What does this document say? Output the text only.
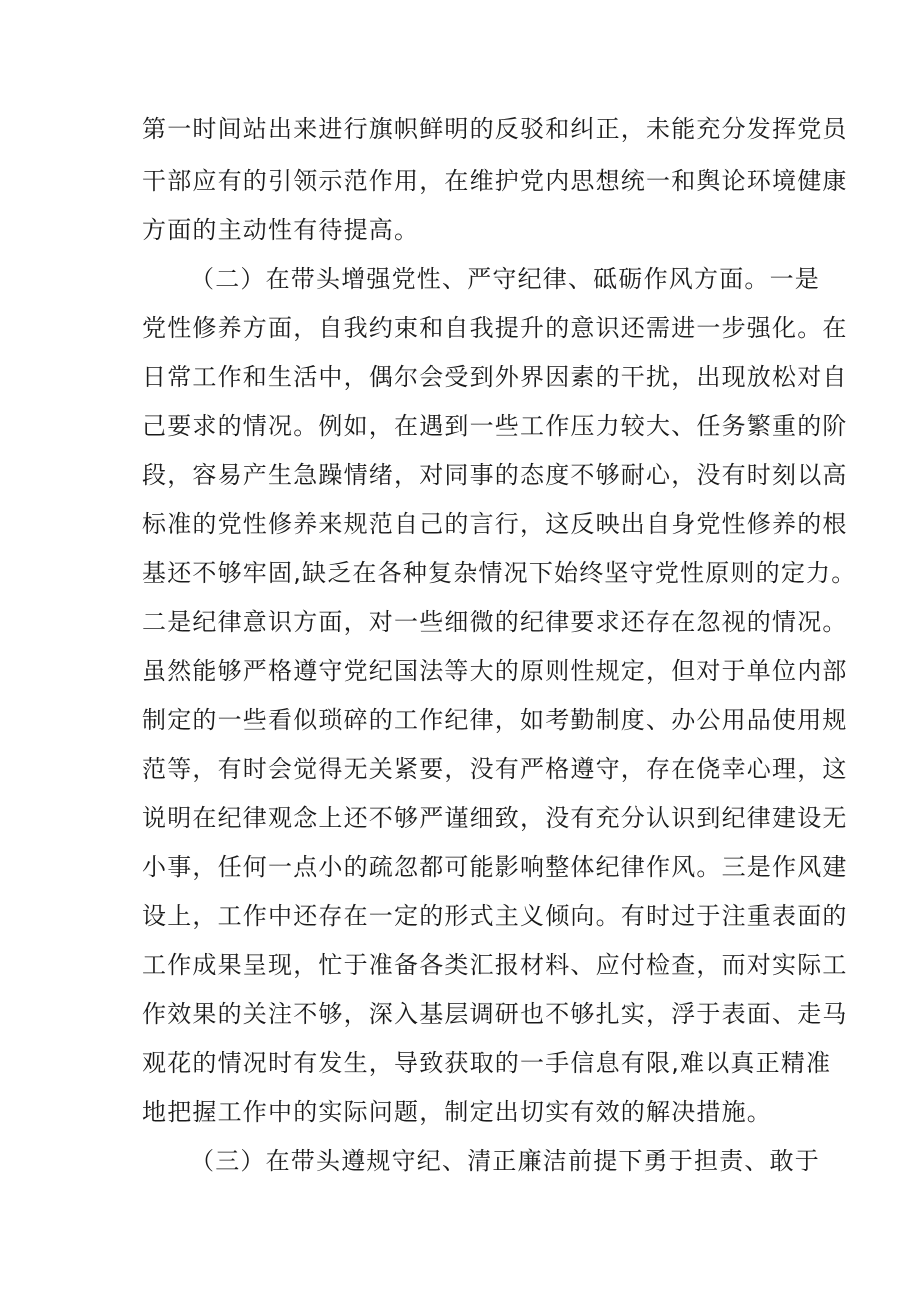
第一时间站出来进行旗帜鲜明的反驳和纠正，未能充分发挥党员
干部应有的引领示范作用，在维护党内思想统一和舆论环境健康
方面的主动性有待提高。
（二）在带头增强党性、严守纪律、砥砺作风方面。一是
党性修养方面，自我约束和自我提升的意识还需进一步强化。在
日常工作和生活中，偶尔会受到外界因素的干扰，出现放松对自
己要求的情况。例如，在遇到一些工作压力较大、任务繁重的阶
段，容易产生急躁情绪，对同事的态度不够耐心，没有时刻以高
标准的党性修养来规范自己的言行，这反映出自身党性修养的根
基还不够牢固,缺乏在各种复杂情况下始终坚守党性原则的定力。
二是纪律意识方面，对一些细微的纪律要求还存在忽视的情况。
虽然能够严格遵守党纪国法等大的原则性规定，但对于单位内部
制定的一些看似琐碎的工作纪律，如考勤制度、办公用品使用规
范等，有时会觉得无关紧要，没有严格遵守，存在侥幸心理，这
说明在纪律观念上还不够严谨细致，没有充分认识到纪律建设无
小事，任何一点小的疏忽都可能影响整体纪律作风。三是作风建
设上，工作中还存在一定的形式主义倾向。有时过于注重表面的
工作成果呈现，忙于准备各类汇报材料、应付检查，而对实际工
作效果的关注不够，深入基层调研也不够扎实，浮于表面、走马
观花的情况时有发生，导致获取的一手信息有限,难以真正精准
地把握工作中的实际问题，制定出切实有效的解决措施。
（三）在带头遵规守纪、清正廉洁前提下勇于担责、敢于
